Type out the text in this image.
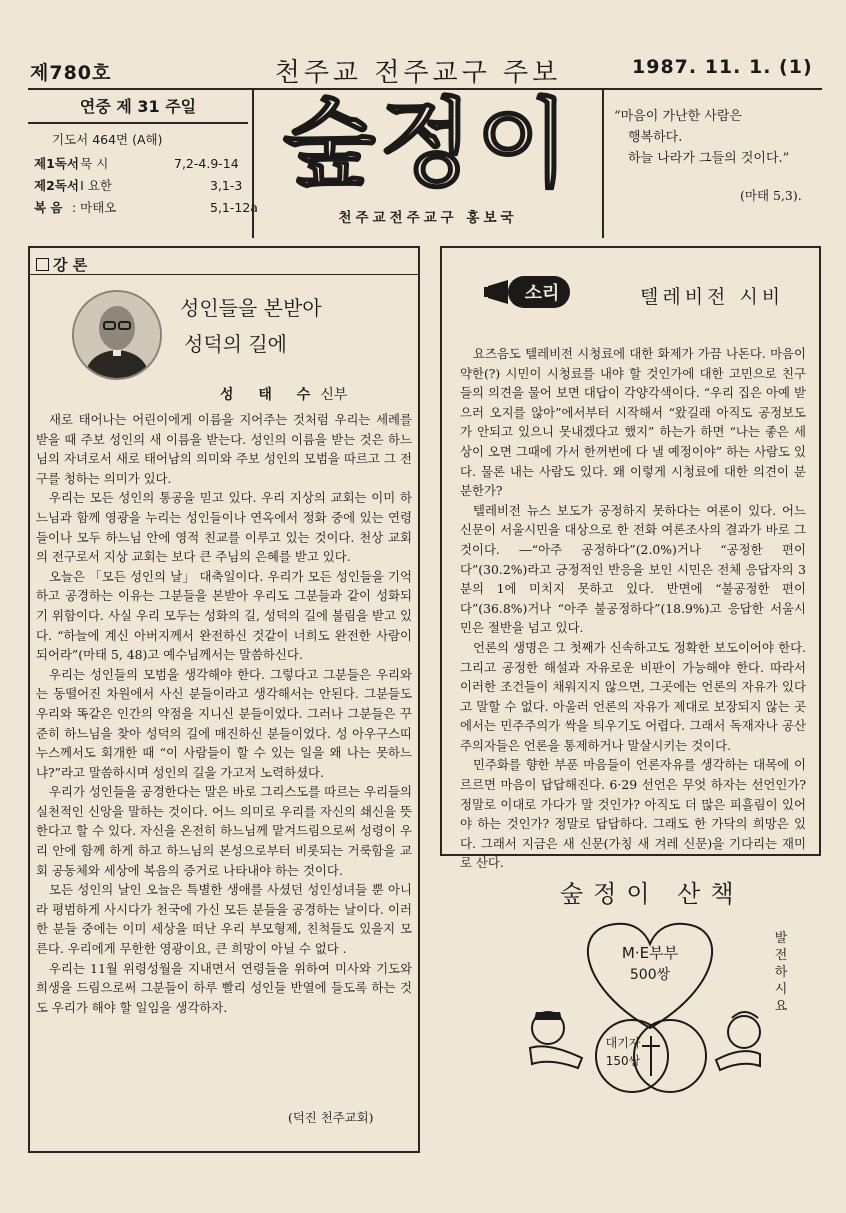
제780호	천주교 전주교구 주보	1987. 11. 1. (1)
연중 제 31 주일
기도서 464면 (A해)
제1독서: 묵 시	7,2-4.9-14
제2독서: I 요한	3,1-3
복 음 : 마태오	5,1-12a
숲정이
천주교전주교구 홍보국
“마음이 가난한 사람은
행복하다.
하늘 나라가 그들의 것이다.”
(마태 5,3).
강 론
성인들을 본받아
성덕의 길에
성 태 수신부

새로 태어나는 어린이에게 이름을 지어주는 것처럼 우리는 세례를 받을 때 주보 성인의 새 이름을 받는다. 성인의 이름을 받는 것은 하느님의 자녀로서 새로 태어남의 의미와 주보 성인의 모범을 따르고 그 전구를 청하는 의미가 있다.

우리는 모든 성인의 통공을 믿고 있다. 우리 지상의 교회는 이미 하느님과 함께 영광을 누리는 성인들이나 연옥에서 정화 중에 있는 연령들이나 모두 하느님 안에 영적 친교를 이루고 있는 것이다. 천상 교회의 전구로서 지상 교회는 보다 큰 주님의 은혜를 받고 있다.

오늘은 「모든 성인의 날」 대축일이다. 우리가 모든 성인들을 기억하고 공경하는 이유는 그분들을 본받아 우리도 그분들과 같이 성화되기 위함이다. 사실 우리 모두는 성화의 길, 성덕의 길에 불림을 받고 있다. “하늘에 계신 아버지께서 완전하신 것같이 너희도 완전한 사람이 되어라”(마태 5, 48)고 예수님께서는 말씀하신다.

우리는 성인들의 모범을 생각해야 한다. 그렇다고 그분들은 우리와는 동떨어진 차원에서 사신 분들이라고 생각해서는 안된다. 그분들도 우리와 똑같은 인간의 약점을 지니신 분들이었다. 그러나 그분들은 꾸준히 하느님을 찾아 성덕의 길에 매진하신 분들이었다. 성 아우구스띠누스께서도 회개한 때 “이 사람들이 할 수 있는 일을 왜 나는 못하느냐?”라고 말씀하시며 성인의 길을 가고저 노력하셨다.

우리가 성인들을 공경한다는 말은 바로 그리스도를 따르는 우리들의 실천적인 신앙을 말하는 것이다. 어느 의미로 우리를 자신의 쇄신을 뜻한다고 할 수 있다. 자신을 온전히 하느님께 맡겨드림으로써 성령이 우리 안에 함께 하게 하고 하느님의 본성으로부터 비롯되는 거룩함을 교회 공동체와 세상에 복음의 증거로 나타내야 하는 것이다.

모든 성인의 날인 오늘은 특별한 생애를 사셨던 성인성녀들 뿐 아니라 평범하게 사시다가 천국에 가신 모든 분들을 공경하는 날이다. 이러한 분들 중에는 이미 세상을 떠난 우리 부모형제, 친척들도 있을지 모른다. 우리에게 무한한 영광이요, 큰 희망이 아닐 수 없다 .

우리는 11월 위령성월을 지내면서 연령들을 위하여 미사와 기도와 희생을 드림으로써 그분들이 하루 빨리 성인들 반열에 들도록 하는 것도 우리가 해야 할 일임을 생각하자.

(덕진 천주교회)
소리	텔레비전 시비

요즈음도 텔레비전 시청료에 대한 화제가 가끔 나돈다. 마음이 약한(?) 시민이 시청료를 내야 할 것인가에 대한 고민으로 친구들의 의견을 물어 보면 대답이 각양각색이다. “우리 집은 아예 받으러 오지를 않아”에서부터 시작해서 “왔길래 아직도 공정보도가 안되고 있으니 못내겠다고 했지” 하는가 하면 “나는 좋은 세상이 오면 그때에 가서 한꺼번에 다 낼 예정이야” 하는 사람도 있다. 물론 내는 사람도 있다. 왜 이렇게 시청료에 대한 의견이 분분한가?

텔레비전 뉴스 보도가 공정하지 못하다는 여론이 있다. 어느 신문이 서울시민을 대상으로 한 전화 여론조사의 결과가 바로 그것이다. ―“아주 공정하다”(2.0%)거나 “공정한 편이다”(30.2%)라고 긍정적인 반응을 보인 시민은 전체 응답자의 3분의 1에 미치지 못하고 있다. 반면에 “불공정한 편이다”(36.8%)거나 “아주 불공정하다”(18.9%)고 응답한 서울시민은 절반을 넘고 있다.

언론의 생명은 그 첫째가 신속하고도 정확한 보도이어야 한다. 그리고 공정한 해설과 자유로운 비판이 가능해야 한다. 따라서 이러한 조건들이 채워지지 않으면, 그곳에는 언론의 자유가 있다고 말할 수 없다. 아울러 언론의 자유가 제대로 보장되지 않는 곳에서는 민주주의가 싹을 틔우기도 어렵다. 그래서 독재자나 공산주의자들은 언론을 통제하거나 말살시키는 것이다.

민주화를 향한 부푼 마음들이 언론자유를 생각하는 대목에 이르르면 마음이 답답해진다. 6·29 선언은 무엇 하자는 선언인가? 정말로 이대로 가다가 말 것인가? 아직도 더 많은 피흘림이 있어야 하는 것인가? 정말로 답답하다. 그래도 한 가닥의 희망은 있다. 그래서 지금은 새 신문(가칭 새 겨레 신문)을 기다리는 재미로 산다.

숲정이 산책
M·E부부
500쌍
대기자
150쌍
발전하시요
